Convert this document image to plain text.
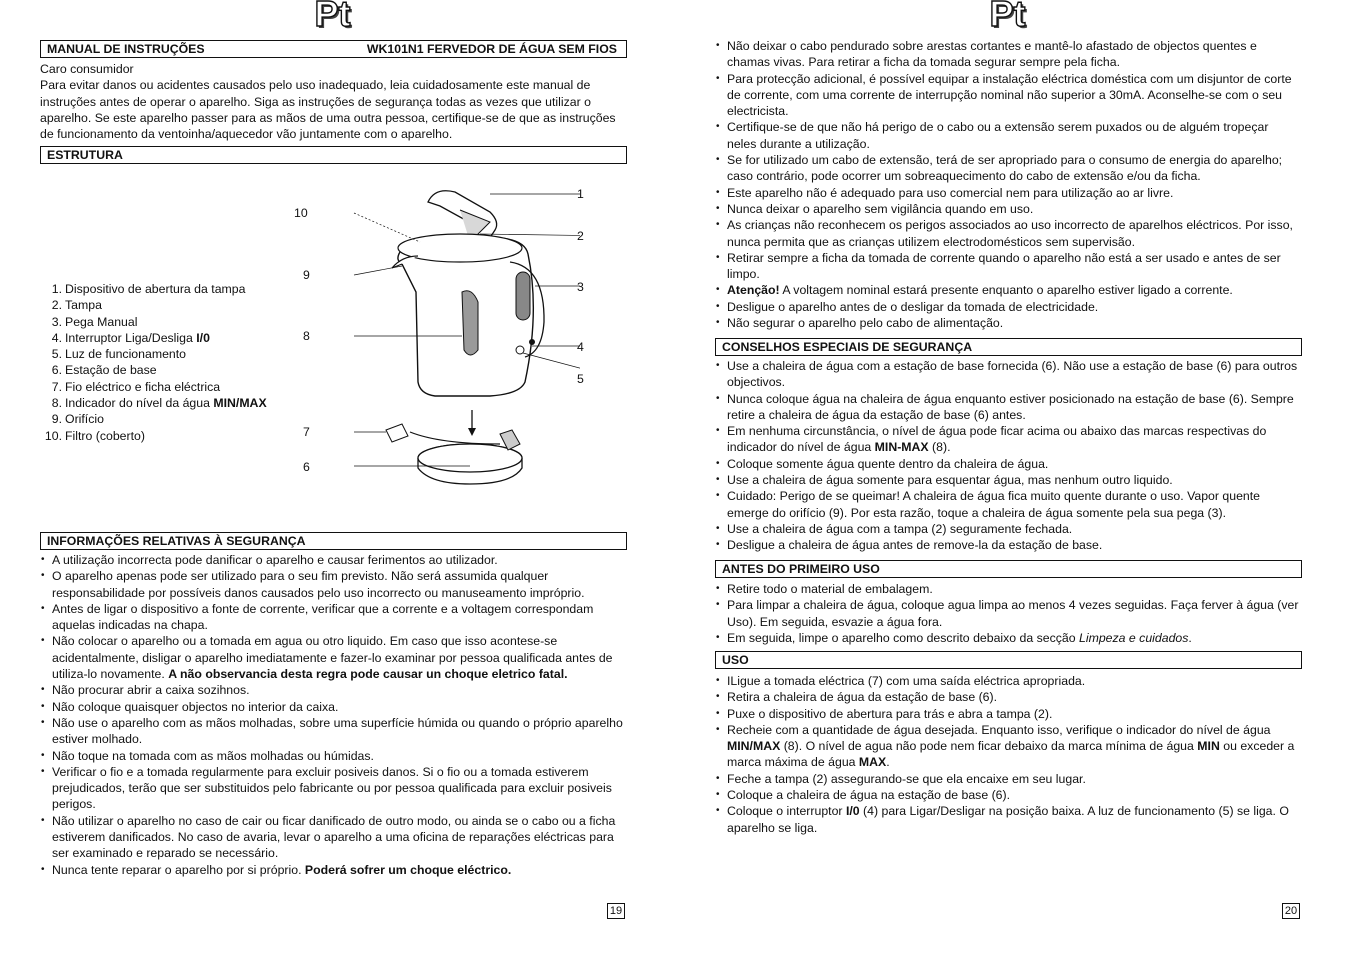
Pt
MANUAL DE INSTRUÇÕES	WK101N1 FERVEDOR DE ÁGUA SEM FIOS

Caro consumidor

Para evitar danos ou acidentes causados pelo uso inadequado, leia cuidadosamente este manual de instruções antes de operar o aparelho. Siga as instruções de segurança todas as vezes que utilizar o aparelho. Se este aparelho passer para as mãos de uma outra pessoa, certifique-se de que as instruções de funcionamento da ventoinha/aquecedor vão juntamente com o aparelho.

ESTRUTURA
1. Dispositivo de abertura da tampa
2. Tampa
3. Pega Manual
4. Interruptor Liga/Desliga I/0
5. Luz de funcionamento
6. Estação de base
7. Fio eléctrico e ficha eléctrica
8. Indicador do nível da água MIN/MAX
9. Orifício
10. Filtro (coberto)
1
2
3
4
5
6
7
8
9
10
INFORMAÇÕES RELATIVAS À SEGURANÇA
• A utilização incorrecta pode danificar o aparelho e causar ferimentos ao utilizador.
• O aparelho apenas pode ser utilizado para o seu fim previsto. Não será assumida qualquer responsabilidade por possíveis danos causados pelo uso incorrecto ou manuseamento impróprio.
• Antes de ligar o dispositivo a fonte de corrente, verificar que a corrente e a voltagem correspondam aquelas indicadas na chapa.
• Não colocar o aparelho ou a tomada em agua ou otro liquido. Em caso que isso acontese-se acidentalmente, disligar o aparelho imediatamente e fazer-lo examinar por pessoa qualificada antes de utiliza-lo novamente. A não observancia desta regra pode causar un choque eletrico fatal.
• Não procurar abrir a caixa sozihnos.
• Não coloque quaisquer objectos no interior da caixa.
• Não use o aparelho com as mãos molhadas, sobre uma superfície húmida ou quando o próprio aparelho estiver molhado.
• Não toque na tomada com as mãos molhadas ou húmidas.
• Verificar o fio e a tomada regularmente para excluir posiveis danos. Si o fio ou a tomada estiverem prejudicados, terão que ser substituidos pelo fabricante ou por pessoa qualificada para excluir posiveis perigos.
• Não utilizar o aparelho no caso de cair ou ficar danificado de outro modo, ou ainda se o cabo ou a ficha estiverem danificados. No caso de avaria, levar o aparelho a uma oficina de reparações eléctricas para ser examinado e reparado se necessário.
• Nunca tente reparar o aparelho por si próprio. Poderá sofrer um choque eléctrico.
19
Pt
• Não deixar o cabo pendurado sobre arestas cortantes e mantê-lo afastado de objectos quentes e chamas vivas. Para retirar a ficha da tomada segurar sempre pela ficha.
• Para protecção adicional, é possível equipar a instalação eléctrica doméstica com um disjuntor de corte de corrente, com uma corrente de interrupção nominal não superior a 30mA. Aconselhe-se com o seu electricista.
• Certifique-se de que não há perigo de o cabo ou a extensão serem puxados ou de alguém tropeçar neles durante a utilização.
• Se for utilizado um cabo de extensão, terá de ser apropriado para o consumo de energia do aparelho; caso contrário, pode ocorrer um sobreaquecimento do cabo de extensão e/ou da ficha.
• Este aparelho não é adequado para uso comercial nem para utilização ao ar livre.
• Nunca deixar o aparelho sem vigilância quando em uso.
• As crianças não reconhecem os perigos associados ao uso incorrecto de aparelhos eléctricos. Por isso, nunca permita que as crianças utilizem electrodomésticos sem supervisão.
• Retirar sempre a ficha da tomada de corrente quando o aparelho não está a ser usado e antes de ser limpo.
• Atenção! A voltagem nominal estará presente enquanto o aparelho estiver ligado a corrente.
• Desligue o aparelho antes de o desligar da tomada de electricidade.
• Não segurar o aparelho pelo cabo de alimentação.
CONSELHOS ESPECIAIS DE SEGURANÇA
• Use a chaleira de água com a estação de base fornecida (6). Não use a estação de base (6) para outros objectivos.
• Nunca coloque água na chaleira de água enquanto estiver posicionado na estação de base (6). Sempre retire a chaleira de água da estação de base (6) antes.
• Em nenhuma circunstância, o nível de água pode ficar acima ou abaixo das marcas respectivas do indicador do nível de água MIN-MAX (8).
• Coloque somente água quente dentro da chaleira de água.
• Use a chaleira de água somente para esquentar água, mas nenhum outro liquido.
• Cuidado: Perigo de se queimar! A chaleira de água fica muito quente durante o uso. Vapor quente emerge do orifício (9). Por esta razão, toque a chaleira de água somente pela sua pega (3).
• Use a chaleira de água com a tampa (2) seguramente fechada.
• Desligue a chaleira de água antes de remove-la da estação de base.
ANTES DO PRIMEIRO USO
• Retire todo o material de embalagem.
• Para limpar a chaleira de água, coloque agua limpa ao menos 4 vezes seguidas. Faça ferver à água (ver Uso). Em seguida, esvazie a água fora.
• Em seguida, limpe o aparelho como descrito debaixo da secção Limpeza e cuidados.
USO
• ILigue a tomada eléctrica (7) com uma saída eléctrica apropriada.
• Retira a chaleira de água da estação de base (6).
• Puxe o dispositivo de abertura para trás e abra a tampa (2).
• Recheie com a quantidade de água desejada. Enquanto isso, verifique o indicador do nível de água MIN/MAX (8). O nível de agua não pode nem ficar debaixo da marca mínima de água MIN ou exceder a marca máxima de água MAX.
• Feche a tampa (2) assegurando-se que ela encaixe em seu lugar.
• Coloque a chaleira de água na estação de base (6).
• Coloque o interruptor I/0 (4) para Ligar/Desligar na posição baixa. A luz de funcionamento (5) se liga. O aparelho se liga.
20
